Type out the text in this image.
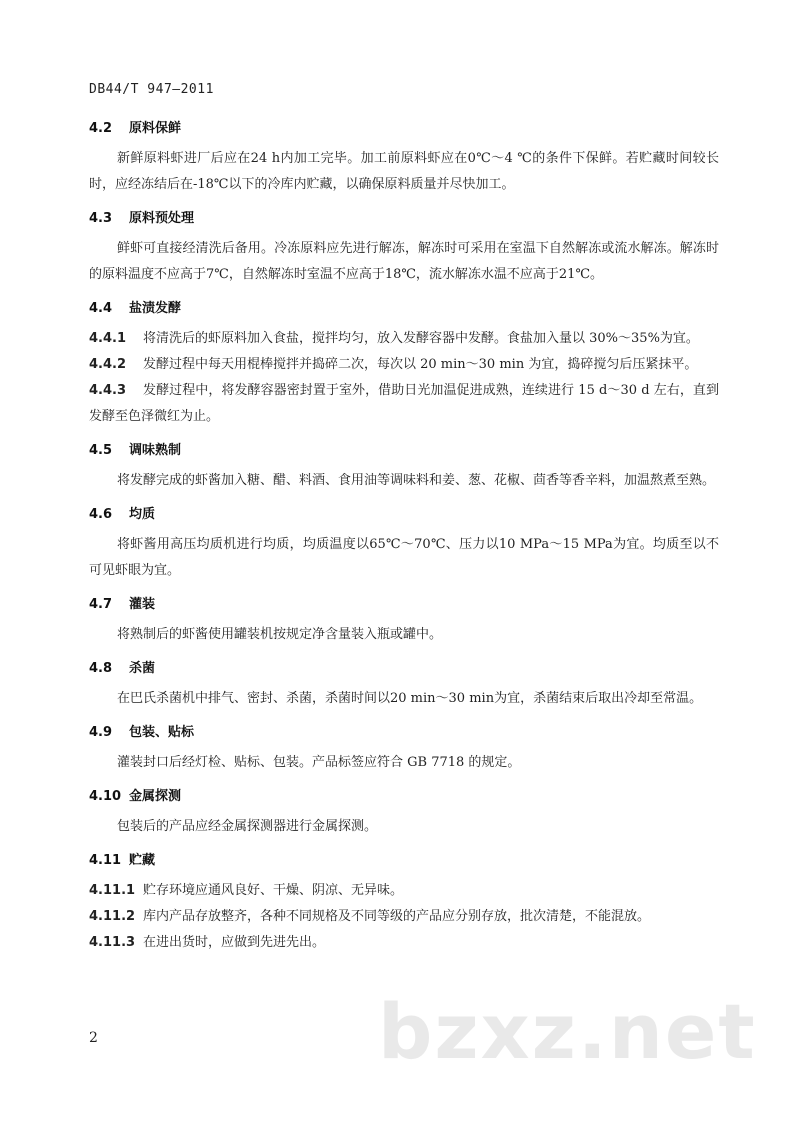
DB44/T 947—2011
4.2 原料保鲜

新鲜原料虾进厂后应在24 h内加工完毕。加工前原料虾应在0℃～4 ℃的条件下保鲜。若贮藏时间较长时，应经冻结后在-18℃以下的冷库内贮藏，以确保原料质量并尽快加工。

4.3 原料预处理

鲜虾可直接经清洗后备用。冷冻原料应先进行解冻，解冻时可采用在室温下自然解冻或流水解冻。解冻时的原料温度不应高于7℃，自然解冻时室温不应高于18℃，流水解冻水温不应高于21℃。

4.4 盐渍发酵

4.4.1 将清洗后的虾原料加入食盐，搅拌均匀，放入发酵容器中发酵。食盐加入量以 30%～35%为宜。

4.4.2 发酵过程中每天用棍棒搅拌并捣碎二次，每次以 20 min～30 min 为宜，捣碎搅匀后压紧抹平。

4.4.3 发酵过程中，将发酵容器密封置于室外，借助日光加温促进成熟，连续进行 15 d～30 d 左右，直到发酵至色泽微红为止。

4.5 调味熟制

将发酵完成的虾酱加入糖、醋、料酒、食用油等调味料和姜、葱、花椒、茴香等香辛料，加温熬煮至熟。

4.6 均质

将虾酱用高压均质机进行均质，均质温度以65℃～70℃、压力以10 MPa～15 MPa为宜。均质至以不可见虾眼为宜。

4.7 灌装

将熟制后的虾酱使用罐装机按规定净含量装入瓶或罐中。

4.8 杀菌

在巴氏杀菌机中排气、密封、杀菌，杀菌时间以20 min～30 min为宜，杀菌结束后取出冷却至常温。

4.9 包装、贴标

灌装封口后经灯检、贴标、包装。产品标签应符合 GB 7718 的规定。

4.10 金属探测

包装后的产品应经金属探测器进行金属探测。

4.11 贮藏

4.11.1 贮存环境应通风良好、干燥、阴凉、无异味。

4.11.2 库内产品存放整齐，各种不同规格及不同等级的产品应分别存放，批次清楚，不能混放。

4.11.3 在进出货时，应做到先进先出。

2	bzxz.net
